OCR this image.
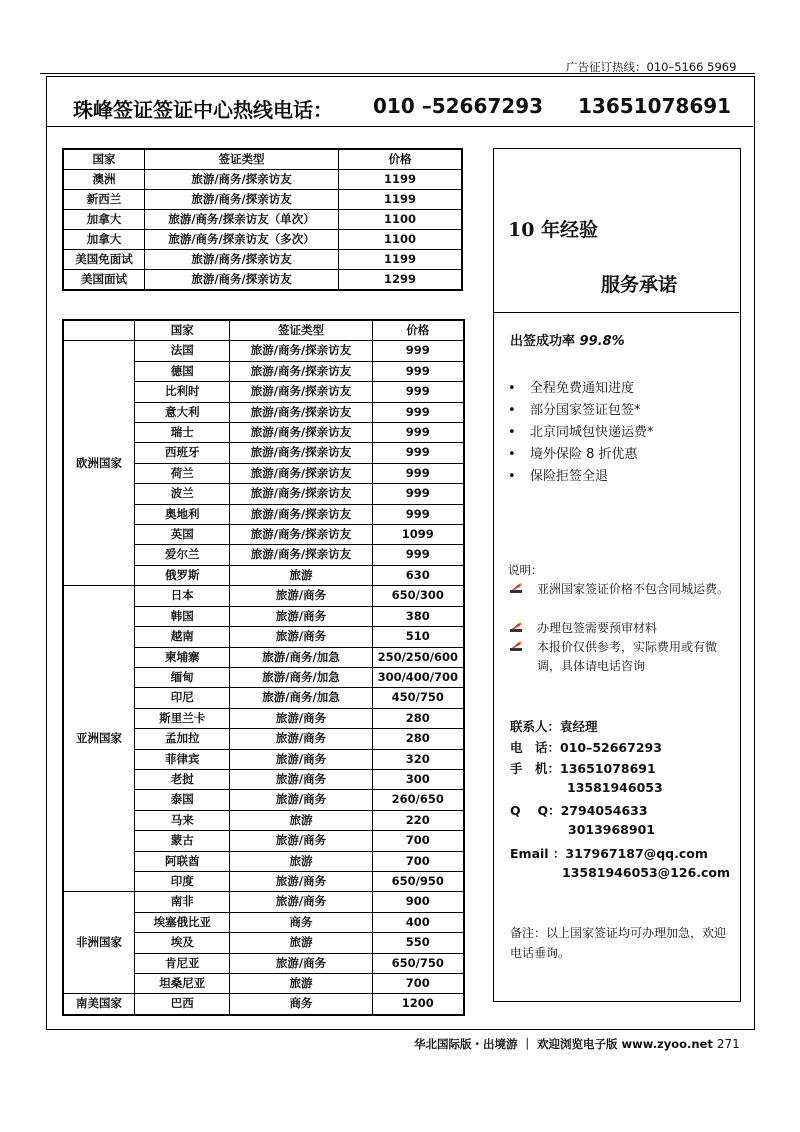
广告征订热线：010–5166 5969
珠峰签证签证中心热线电话： 010 –52667293 13651078691
国家	签证类型	价格
澳洲	旅游/商务/探亲访友	1199
新西兰	旅游/商务/探亲访友	1199
加拿大	旅游/商务/探亲访友（单次）	1100
加拿大	旅游/商务/探亲访友（多次）	1100
美国免面试	旅游/商务/探亲访友	1199
美国面试	旅游/商务/探亲访友	1299
	国家	签证类型	价格
欧洲国家	法国	旅游/商务/探亲访友	999
	德国	旅游/商务/探亲访友	999
	比利时	旅游/商务/探亲访友	999
	意大利	旅游/商务/探亲访友	999
	瑞士	旅游/商务/探亲访友	999
	西班牙	旅游/商务/探亲访友	999
	荷兰	旅游/商务/探亲访友	999
	波兰	旅游/商务/探亲访友	999
	奥地利	旅游/商务/探亲访友	999
	英国	旅游/商务/探亲访友	1099
	爱尔兰	旅游/商务/探亲访友	999
	俄罗斯	旅游	630
亚洲国家	日本	旅游/商务	650/300
	韩国	旅游/商务	380
	越南	旅游/商务	510
	柬埔寨	旅游/商务/加急	250/250/600
	缅甸	旅游/商务/加急	300/400/700
	印尼	旅游/商务/加急	450/750
	斯里兰卡	旅游/商务	280
	孟加拉	旅游/商务	280
	菲律宾	旅游/商务	320
	老挝	旅游/商务	300
	泰国	旅游/商务	260/650
	马来	旅游	220
	蒙古	旅游/商务	700
	阿联酋	旅游	700
	印度	旅游/商务	650/950
非洲国家	南非	旅游/商务	900
	埃塞俄比亚	商务	400
	埃及	旅游	550
	肯尼亚	旅游/商务	650/750
	坦桑尼亚	旅游	700
南美国家	巴西	商务	1200
10 年经验
服务承诺
出签成功率 99.8%
• 全程免费通知进度
• 部分国家签证包签*
• 北京同城包快递运费*
• 境外保险 8 折优惠
• 保险拒签全退
说明：
亚洲国家签证价格不包含同城运费。
办理包签需要预审材料
本报价仅供参考，实际费用或有微调，具体请电话咨询
联系人：袁经理
电　话：010–52667293
手　机：13651078691
13581946053
Q　 Q：2794054633
3013968901
Email ：317967187@qq.com
13581946053@126.com
备注：以上国家签证均可办理加急，欢迎电话垂询。
华北国际版・出境游 ｜ 欢迎浏览电子版 www.zyoo.net 271
